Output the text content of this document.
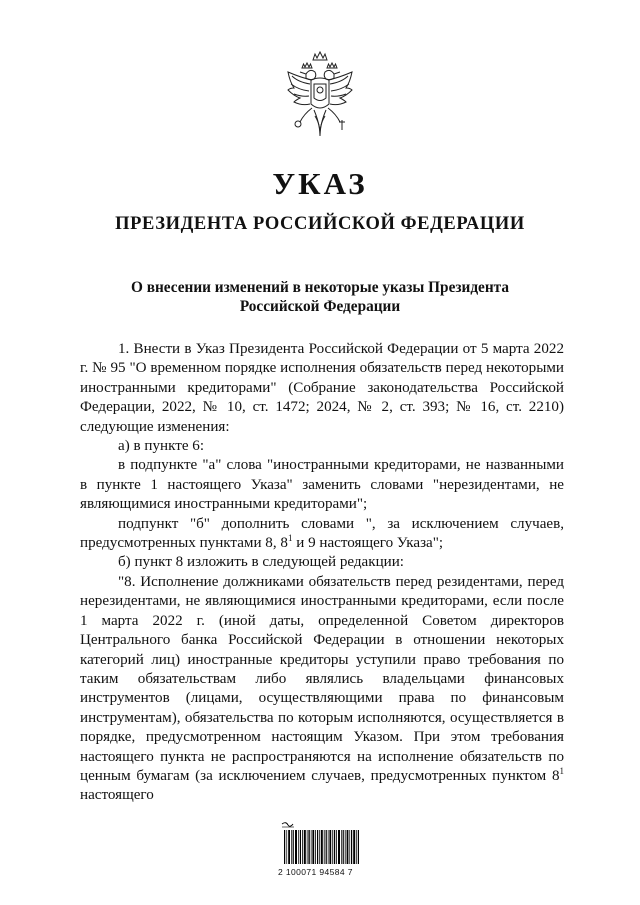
УКАЗ
ПРЕЗИДЕНТА РОССИЙСКОЙ ФЕДЕРАЦИИ
О внесении изменений в некоторые указы Президента
Российской Федерации

1. Внести в Указ Президента Российской Федерации от 5 марта 2022 г. № 95 "О временном порядке исполнения обязательств перед некоторыми иностранными кредиторами" (Собрание законодательства Российской Федерации, 2022, № 10, ст. 1472; 2024, № 2, ст. 393; № 16, ст. 2210) следующие изменения:

а) в пункте 6:

в подпункте "а" слова "иностранными кредиторами, не названными в пункте 1 настоящего Указа" заменить словами "нерезидентами, не являющимися иностранными кредиторами";

подпункт "б" дополнить словами ", за исключением случаев, предусмотренных пунктами 8, $8^1$ и 9 настоящего Указа";

б) пункт 8 изложить в следующей редакции:

"8. Исполнение должниками обязательств перед резидентами, перед нерезидентами, не являющимися иностранными кредиторами, если после 1 марта 2022 г. (иной даты, определенной Советом директоров Центрального банка Российской Федерации в отношении некоторых категорий лиц) иностранные кредиторы уступили право требования по таким обязательствам либо являлись владельцами финансовых инструментов (лицами, осуществляющими права по финансовым инструментам), обязательства по которым исполняются, осуществляется в порядке, предусмотренном настоящим Указом. При этом требования настоящего пункта не распространяются на исполнение обязательств по ценным бумагам (за исключением случаев, предусмотренных пунктом $8^1$ настоящего

2 100071 94584 7
